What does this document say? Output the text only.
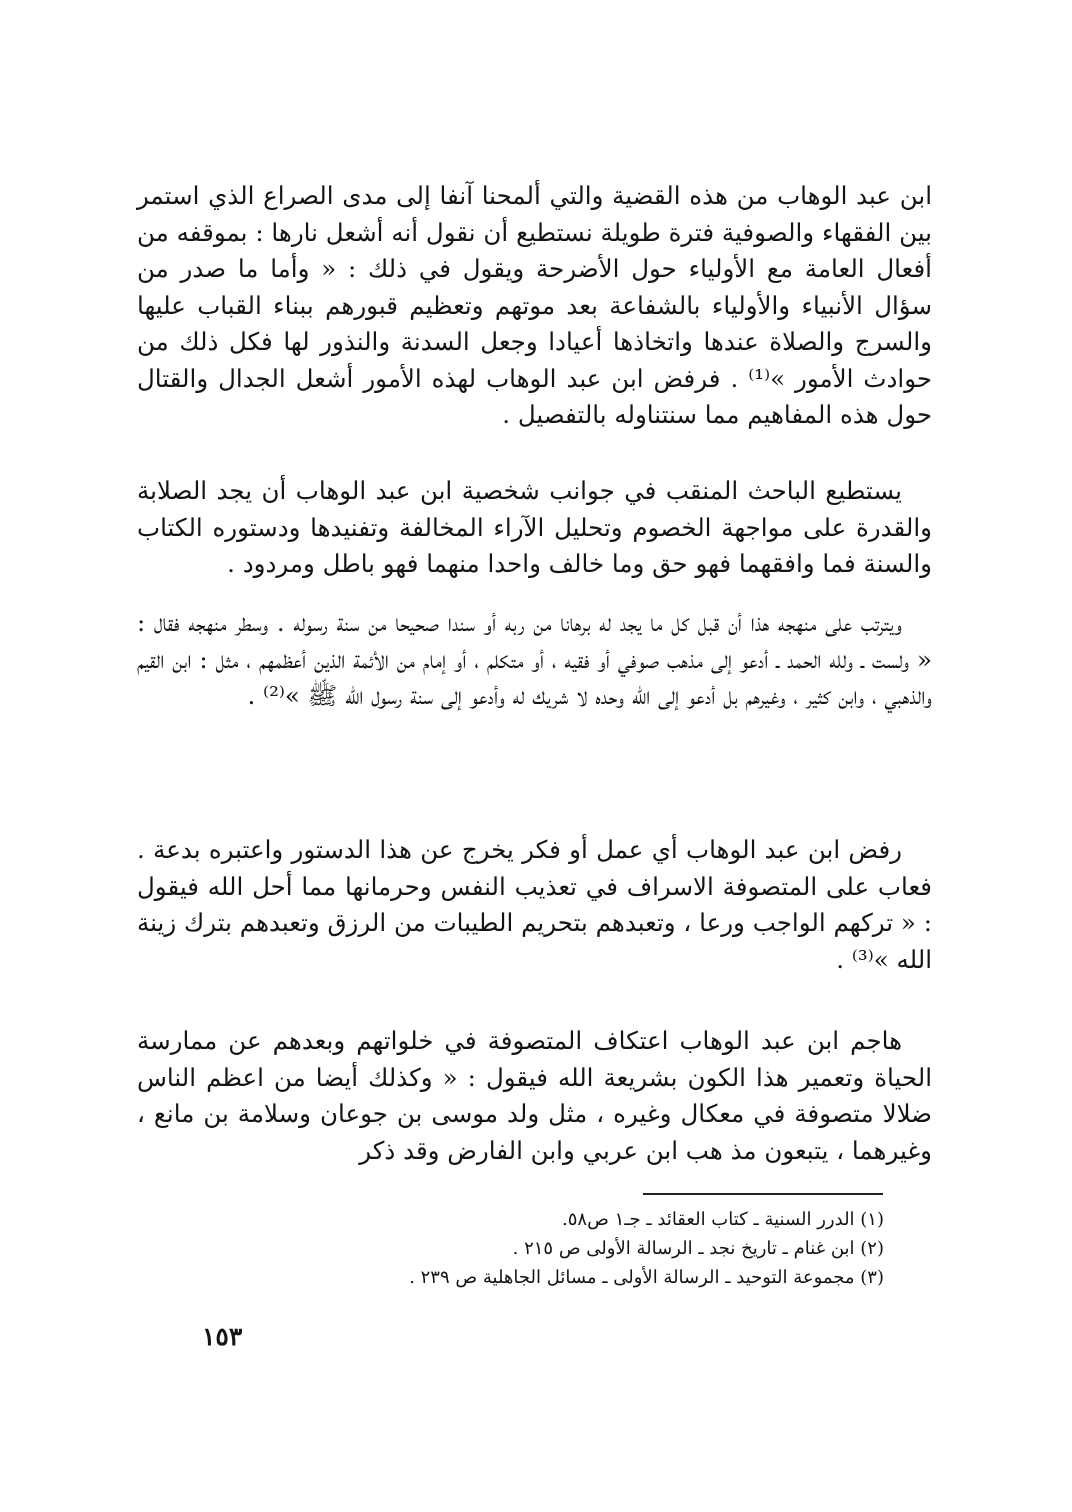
ابن عبد الوهاب من هذه القضية والتي ألمحنا آنفا إلى مدى الصراع الذي استمر بين الفقهاء والصوفية فترة طويلة نستطيع أن نقول أنه أشعل نارها : بموقفه من أفعال العامة مع الأولياء حول الأضرحة ويقول في ذلك : « وأما ما صدر من سؤال الأنبياء والأولياء بالشفاعة بعد موتهم وتعظيم قبورهم ببناء القباب عليها والسرج والصلاة عندها واتخاذها أعيادا وجعل السدنة والنذور لها فكل ذلك من حوادث الأمور »⁽¹⁾ . فرفض ابن عبد الوهاب لهذه الأمور أشعل الجدال والقتال حول هذه المفاهيم مما سنتناوله بالتفصيل .

يستطيع الباحث المنقب في جوانب شخصية ابن عبد الوهاب أن يجد الصلابة والقدرة على مواجهة الخصوم وتحليل الآراء المخالفة وتفنيدها ودستوره الكتاب والسنة فما وافقهما فهو حق وما خالف واحدا منهما فهو باطل ومردود .

ويترتب على منهجه هذا أن قبل كل ما يجد له برهانا من ربه أو سندا صحيحا من سنة رسوله . وسطر منهجه فقال : « ولست ـ ولله الحمد ـ أدعو إلى مذهب صوفي أو فقيه ، أو متكلم ، أو إمام من الأئمة الذين أعظمهم ، مثل : ابن القيم والذهبي ، وابن كثير ، وغيرهم بل أدعو إلى الله وحده لا شريك له وأدعو إلى سنة رسول الله ﷺ »⁽²⁾ .

رفض ابن عبد الوهاب أي عمل أو فكر يخرج عن هذا الدستور واعتبره بدعة . فعاب على المتصوفة الاسراف في تعذيب النفس وحرمانها مما أحل الله فيقول : « تركهم الواجب ورعا ، وتعبدهم بتحريم الطيبات من الرزق وتعبدهم بترك زينة الله »⁽³⁾ .

هاجم ابن عبد الوهاب اعتكاف المتصوفة في خلواتهم وبعدهم عن ممارسة الحياة وتعمير هذا الكون بشريعة الله فيقول : « وكذلك أيضا من اعظم الناس ضلالا متصوفة في معكال وغيره ، مثل ولد موسى بن جوعان وسلامة بن مانع ، وغيرهما ، يتبعون مذ هب ابن عربي وابن الفارض وقد ذكر

(١) الدرر السنية ـ كتاب العقائد ـ جـ١ ص٥٨.
(٢) ابن غنام ـ تاريخ نجد ـ الرسالة الأولى ص ٢١٥ .
(٣) مجموعة التوحيد ـ الرسالة الأولى ـ مسائل الجاهلية ص ٢٣٩ .
١٥٣
